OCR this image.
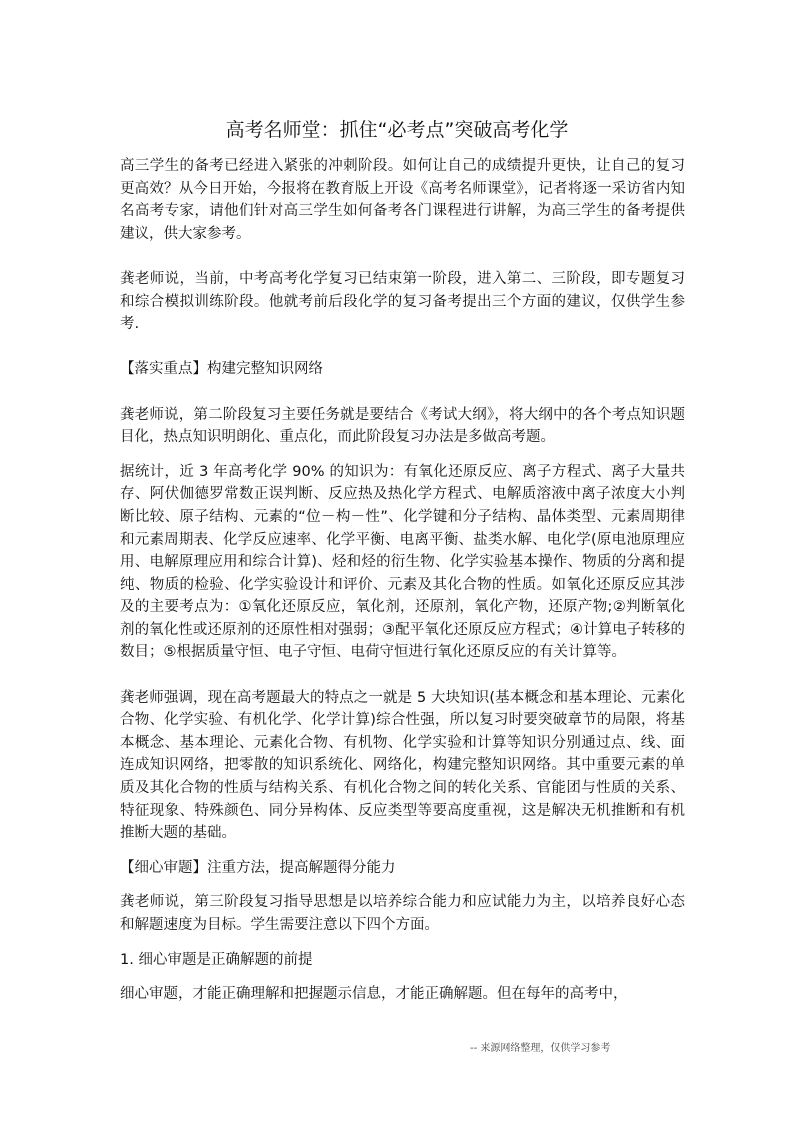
高考名师堂：抓住“必考点”突破高考化学

高三学生的备考已经进入紧张的冲刺阶段。如何让自己的成绩提升更快，让自己的复习更高效？从今日开始，今报将在教育版上开设《高考名师课堂》，记者将逐一采访省内知名高考专家，请他们针对高三学生如何备考各门课程进行讲解，为高三学生的备考提供建议，供大家参考。

龚老师说，当前，中考高考化学复习已结束第一阶段，进入第二、三阶段，即专题复习和综合模拟训练阶段。他就考前后段化学的复习备考提出三个方面的建议，仅供学生参考.

【落实重点】构建完整知识网络

龚老师说，第二阶段复习主要任务就是要结合《考试大纲》，将大纲中的各个考点知识题目化，热点知识明朗化、重点化，而此阶段复习办法是多做高考题。

据统计，近 3 年高考化学 90% 的知识为：有氧化还原反应、离子方程式、离子大量共存、阿伏伽德罗常数正误判断、反应热及热化学方程式、电解质溶液中离子浓度大小判断比较、原子结构、元素的“位－构－性”、化学键和分子结构、晶体类型、元素周期律和元素周期表、化学反应速率、化学平衡、电离平衡、盐类水解、电化学(原电池原理应用、电解原理应用和综合计算)、烃和烃的衍生物、化学实验基本操作、物质的分离和提纯、物质的检验、化学实验设计和评价、元素及其化合物的性质。如氧化还原反应其涉及的主要考点为：①氧化还原反应，氧化剂，还原剂，氧化产物，还原产物;②判断氧化剂的氧化性或还原剂的还原性相对强弱；③配平氧化还原反应方程式；④计算电子转移的数目；⑤根据质量守恒、电子守恒、电荷守恒进行氧化还原反应的有关计算等。

龚老师强调，现在高考题最大的特点之一就是 5 大块知识(基本概念和基本理论、元素化合物、化学实验、有机化学、化学计算)综合性强，所以复习时要突破章节的局限，将基本概念、基本理论、元素化合物、有机物、化学实验和计算等知识分别通过点、线、面连成知识网络，把零散的知识系统化、网络化，构建完整知识网络。其中重要元素的单质及其化合物的性质与结构关系、有机化合物之间的转化关系、官能团与性质的关系、特征现象、特殊颜色、同分异构体、反应类型等要高度重视，这是解决无机推断和有机推断大题的基础。

【细心审题】注重方法，提高解题得分能力

龚老师说，第三阶段复习指导思想是以培养综合能力和应试能力为主，以培养良好心态和解题速度为目标。学生需要注意以下四个方面。

1. 细心审题是正确解题的前提

细心审题，才能正确理解和把握题示信息，才能正确解题。但在每年的高考中，

-- 来源网络整理，仅供学习参考
